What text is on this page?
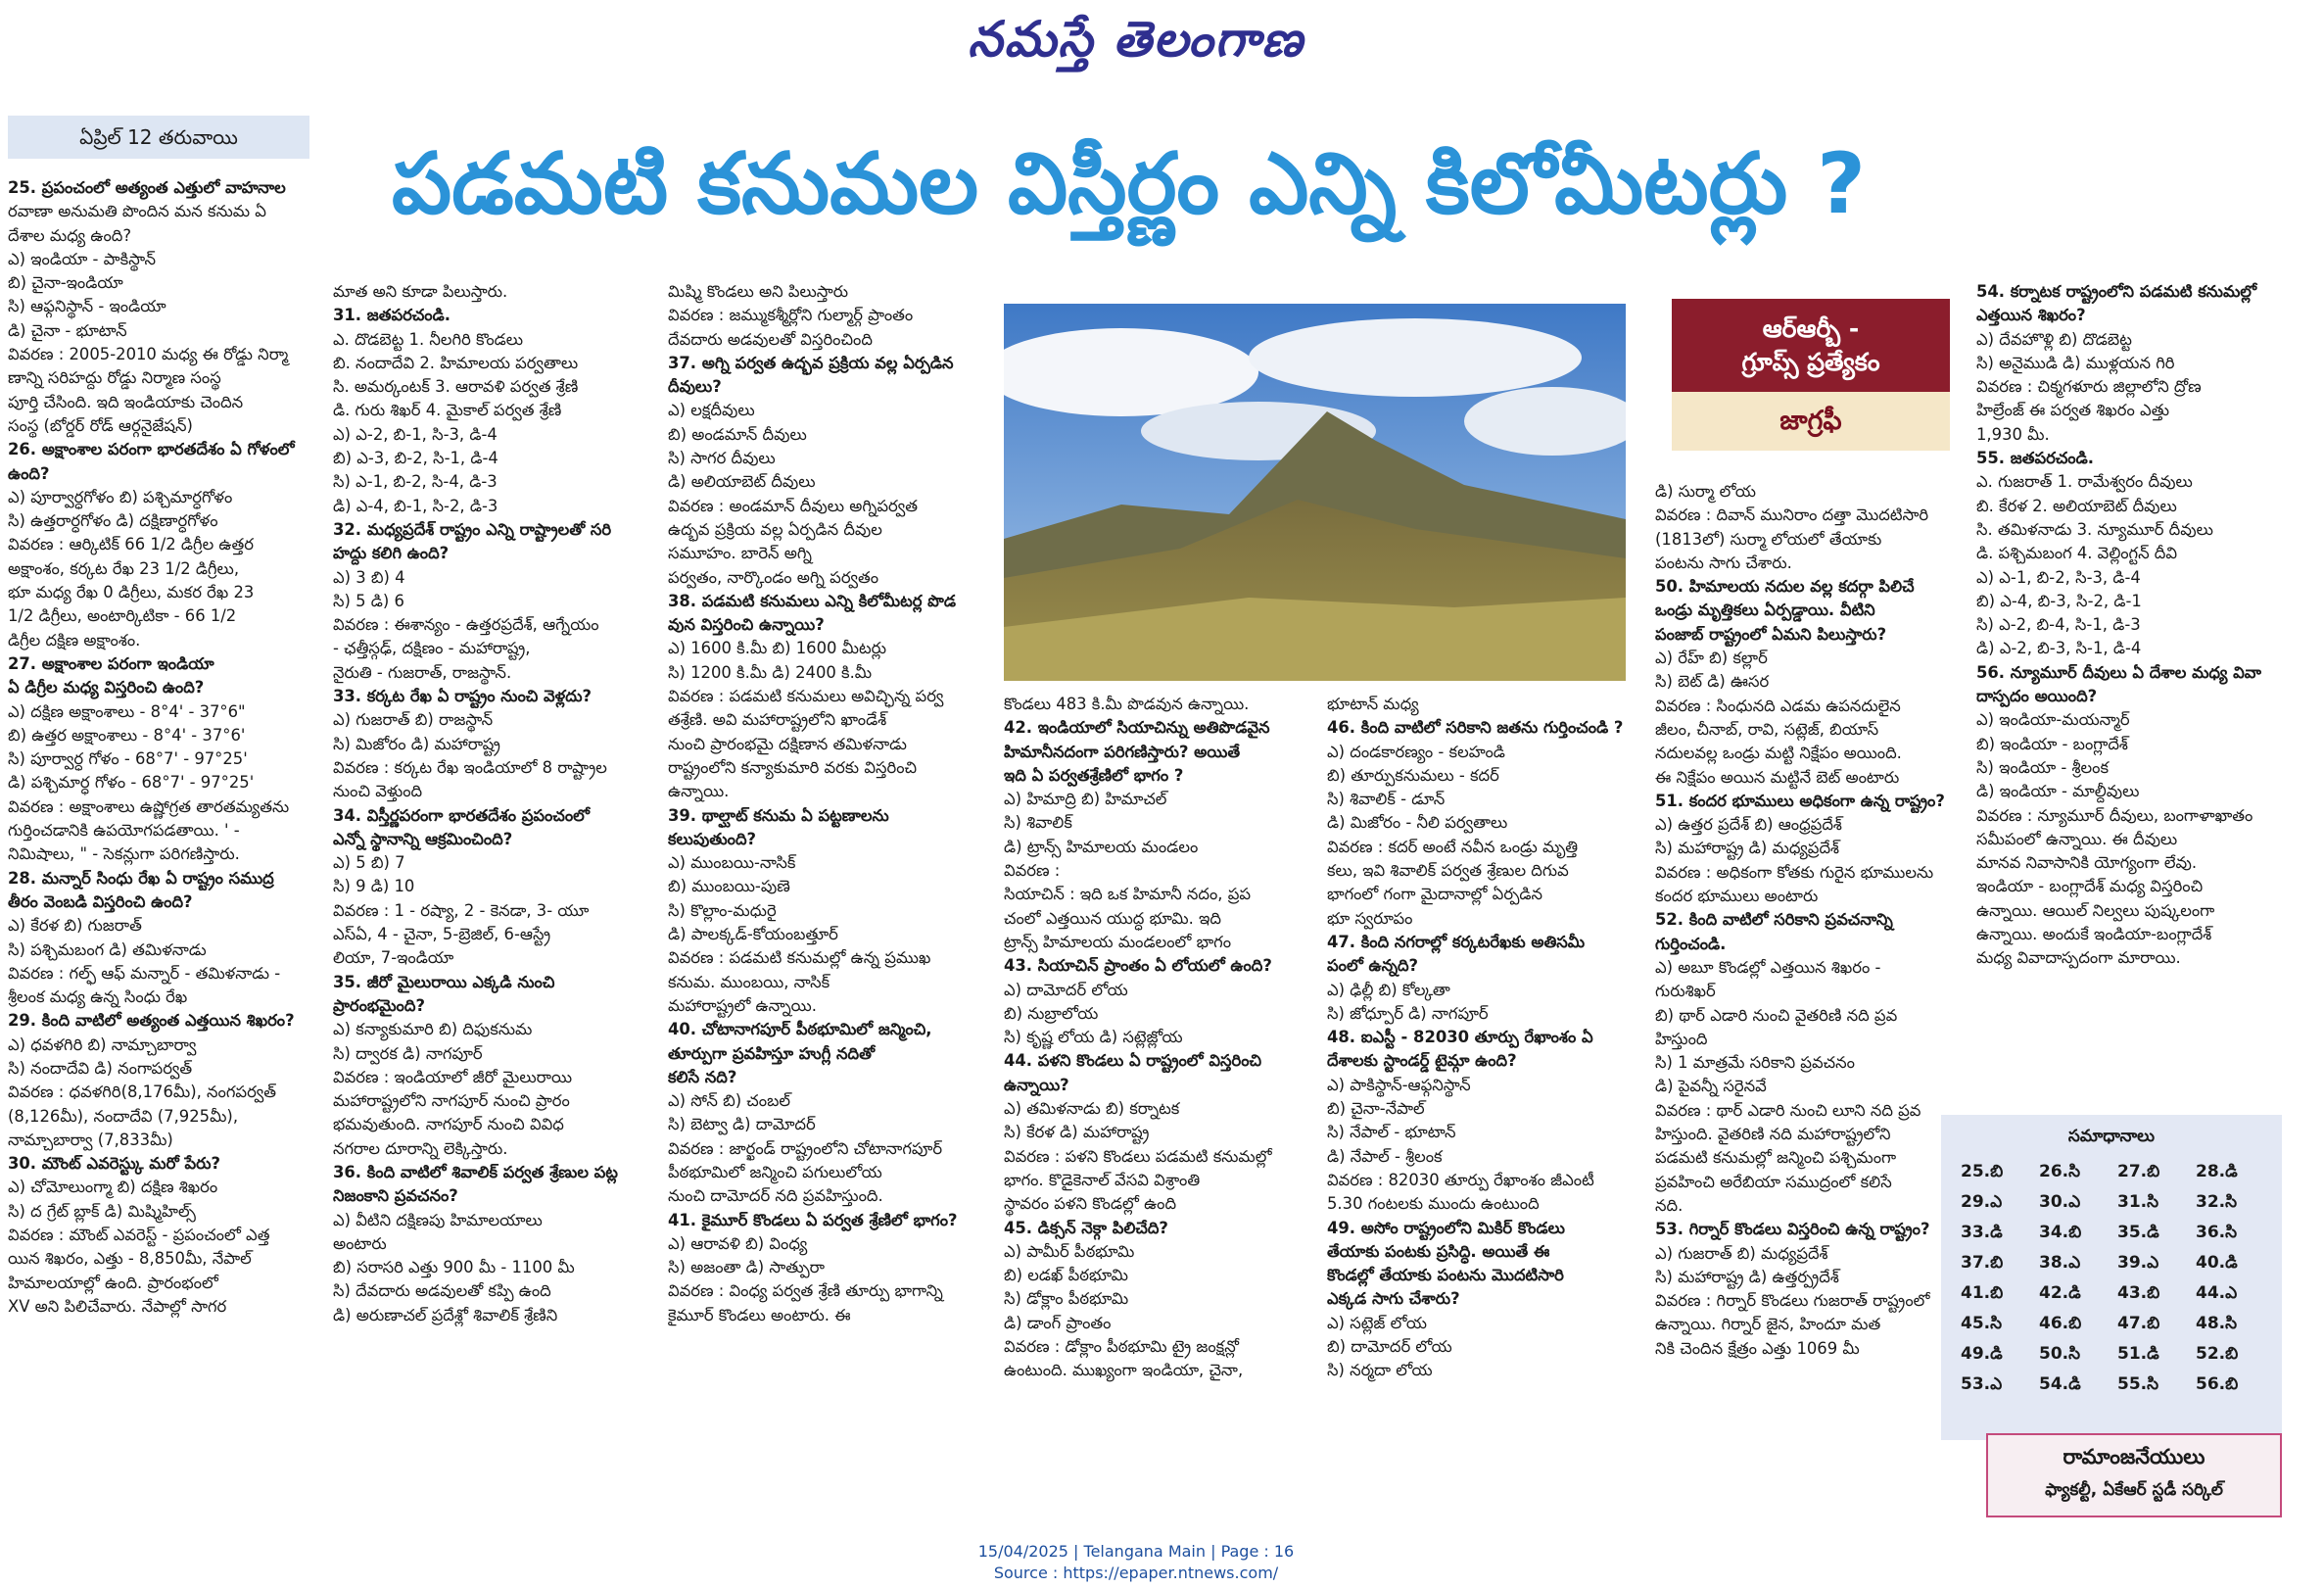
నమస్తే తెలంగాణ
ఏప్రిల్ 12 తరువాయి	పడమటి కనుమల విస్తీర్ణం ఎన్ని కిలోమీటర్లు ?

25. ప్రపంచంలో అత్యంత ఎత్తులో వాహనాల

రవాణా అనుమతి పొందిన మన కనుమ ఏ

దేశాల మధ్య ఉంది?

ఎ) ఇండియా - పాకిస్థాన్

బి) చైనా-ఇండియా

సి) ఆఫ్గనిస్థాన్ - ఇండియా

డి) చైనా - భూటాన్

వివరణ : 2005-2010 మధ్య ఈ రోడ్డు నిర్మా

ణాన్ని సరిహద్దు రోడ్డు నిర్మాణ సంస్థ

పూర్తి చేసింది. ఇది ఇండియాకు చెందిన

సంస్థ (బోర్డర్ రోడ్ ఆర్గనైజేషన్)

26. అక్షాంశాల పరంగా భారతదేశం ఏ గోళంలో

ఉంది?

ఎ) పూర్వార్ధగోళం బి) పశ్చిమార్ధగోళం

సి) ఉత్తరార్ధగోళం డి) దక్షిణార్ధగోళం

వివరణ : ఆర్కిటిక్ 66 1/2 డిగ్రీల ఉత్తర

అక్షాంశం, కర్కట రేఖ 23 1/2 డిగ్రీలు,

భూ మధ్య రేఖ 0 డిగ్రీలు, మకర రేఖ 23

1/2 డిగ్రీలు, అంటార్కిటికా - 66 1/2

డిగ్రీల దక్షిణ అక్షాంశం.

27. అక్షాంశాల పరంగా ఇండియా

ఏ డిగ్రీల మధ్య విస్తరించి ఉంది?

ఎ) దక్షిణ అక్షాంశాలు - 8°4' - 37°6"

బి) ఉత్తర అక్షాంశాలు - 8°4' - 37°6'

సి) పూర్వార్ధ గోళం - 68°7' - 97°25'

డి) పశ్చిమార్ధ గోళం - 68°7' - 97°25'

వివరణ : అక్షాంశాలు ఉష్ణోగ్రత తారతమ్యతను

గుర్తించడానికి ఉపయోగపడతాయి. ' -

నిమిషాలు, " - సెకన్లుగా పరిగణిస్తారు.

28. మన్నార్ సింధు రేఖ ఏ రాష్ట్రం సముద్ర

తీరం వెంబడి విస్తరించి ఉంది?

ఎ) కేరళ బి) గుజరాత్

సి) పశ్చిమబంగ డి) తమిళనాడు

వివరణ : గల్ఫ్ ఆఫ్ మన్నార్ - తమిళనాడు -

శ్రీలంక మధ్య ఉన్న సింధు రేఖ

29. కింది వాటిలో అత్యంత ఎత్తయిన శిఖరం?

ఎ) ధవళగిరి బి) నామ్చాబార్వా

సి) నందాదేవి డి) నంగాపర్వత్

వివరణ : ధవళగిరి(8,176మీ), నంగపర్వత్

(8,126మీ), నందాదేవి (7,925మీ),

నామ్చాబార్వా (7,833మీ)

30. మౌంట్ ఎవరెస్ట్కు మరో పేరు?

ఎ) చోమోలుంగ్మా బి) దక్షిణ శిఖరం

సి) ద గ్రేట్ బ్లాక్ డి) మిష్మిహిల్స్

వివరణ : మౌంట్ ఎవరెస్ట్ - ప్రపంచంలో ఎత్త

యిన శిఖరం, ఎత్తు - 8,850మీ, నేపాల్

హిమాలయాల్లో ఉంది. ప్రారంభంలో

XV అని పిలిచేవారు. నేపాల్లో సాగర

మాత అని కూడా పిలుస్తారు.

31. జతపరచండి.

ఎ. దొడబెట్ట 1. నీలగిరి కొండలు

బి. నందాదేవి 2. హిమాలయ పర్వతాలు

సి. అమర్కంటక్ 3. ఆరావళి పర్వత శ్రేణి

డి. గురు శిఖర్ 4. మైకాల్ పర్వత శ్రేణి

ఎ) ఎ-2, బి-1, సి-3, డి-4

బి) ఎ-3, బి-2, సి-1, డి-4

సి) ఎ-1, బి-2, సి-4, డి-3

డి) ఎ-4, బి-1, సి-2, డి-3

32. మధ్యప్రదేశ్ రాష్ట్రం ఎన్ని రాష్ట్రాలతో సరి

హద్దు కలిగి ఉంది?

ఎ) 3 బి) 4

సి) 5 డి) 6

వివరణ : ఈశాన్యం - ఉత్తరప్రదేశ్, ఆగ్నేయం

- ఛత్తీస్గఢ్, దక్షిణం - మహారాష్ట్ర,

నైరుతి - గుజరాత్, రాజస్థాన్.

33. కర్కట రేఖ ఏ రాష్ట్రం నుంచి వెళ్లదు?

ఎ) గుజరాత్ బి) రాజస్థాన్

సి) మిజోరం డి) మహారాష్ట్ర

వివరణ : కర్కట రేఖ ఇండియాలో 8 రాష్ట్రాల

నుంచి వెళ్తుంది

34. విస్తీర్ణపరంగా భారతదేశం ప్రపంచంలో

ఎన్నో స్థానాన్ని ఆక్రమించింది?

ఎ) 5 బి) 7

సి) 9 డి) 10

వివరణ : 1 - రష్యా, 2 - కెనడా, 3- యూ

ఎస్ఏ, 4 - చైనా, 5-బ్రెజిల్, 6-ఆస్ట్రే

లియా, 7-ఇండియా

35. జీరో మైలురాయి ఎక్కడి నుంచి

ప్రారంభమైంది?

ఎ) కన్యాకుమారి బి) దిఫుకనుమ

సి) ద్వారక డి) నాగపూర్

వివరణ : ఇండియాలో జీరో మైలురాయి

మహారాష్ట్రలోని నాగపూర్ నుంచి ప్రారం

భమవుతుంది. నాగపూర్ నుంచి వివిధ

నగరాల దూరాన్ని లెక్కిస్తారు.

36. కింది వాటిలో శివాలిక్ పర్వత శ్రేణుల పట్ల

నిజంకాని ప్రవచనం?

ఎ) వీటిని దక్షిణపు హిమాలయాలు

అంటారు

బి) సరాసరి ఎత్తు 900 మీ - 1100 మీ

సి) దేవదారు అడవులతో కప్పి ఉంది

డి) అరుణాచల్ ప్రదేశ్లో శివాలిక్ శ్రేణిని

మిష్మి కొండలు అని పిలుస్తారు

వివరణ : జమ్ముకశ్మీర్లోని గుల్మార్గ్ ప్రాంతం

దేవదారు అడవులతో విస్తరించింది

37. అగ్ని పర్వత ఉద్భవ ప్రక్రియ వల్ల ఏర్పడిన

దీవులు?

ఎ) లక్షదీవులు

బి) అండమాన్ దీవులు

సి) సాగర దీవులు

డి) అలియాబెట్ దీవులు

వివరణ : అండమాన్ దీవులు అగ్నిపర్వత

ఉద్భవ ప్రక్రియ వల్ల ఏర్పడిన దీవుల

సమూహం. బారెన్ అగ్ని

పర్వతం, నార్కొండం అగ్ని పర్వతం

38. పడమటి కనుమలు ఎన్ని కిలోమీటర్ల పొడ

వున విస్తరించి ఉన్నాయి?

ఎ) 1600 కి.మీ బి) 1600 మీటర్లు

సి) 1200 కి.మీ డి) 2400 కి.మీ

వివరణ : పడమటి కనుమలు అవిచ్ఛిన్న పర్వ

తశ్రేణి. అవి మహారాష్ట్రలోని ఖాండేశ్

నుంచి ప్రారంభమై దక్షిణాన తమిళనాడు

రాష్ట్రంలోని కన్యాకుమారి వరకు విస్తరించి

ఉన్నాయి.

39. థాల్ఘాట్ కనుమ ఏ పట్టణాలను

కలుపుతుంది?

ఎ) ముంబయి-నాసిక్

బి) ముంబయి-పుణె

సి) కొల్లాం-మధురై

డి) పాలక్కడ్-కోయంబత్తూర్

వివరణ : పడమటి కనుమల్లో ఉన్న ప్రముఖ

కనుమ. ముంబయి, నాసిక్

మహారాష్ట్రలో ఉన్నాయి.

40. చోటానాగపూర్ పీఠభూమిలో జన్మించి,

తూర్పుగా ప్రవహిస్తూ హుగ్లీ నదితో

కలిసే నది?

ఎ) సోన్ బి) చంబల్

సి) బెట్వా డి) దామోదర్

వివరణ : జార్ఖండ్ రాష్ట్రంలోని చోటానాగపూర్

పీఠభూమిలో జన్మించి పగులులోయ

నుంచి దామోదర్ నది ప్రవహిస్తుంది.

41. కైమూర్ కొండలు ఏ పర్వత శ్రేణిలో భాగం?

ఎ) ఆరావళి బి) వింధ్య

సి) అజంతా డి) సాత్పురా

వివరణ : వింధ్య పర్వత శ్రేణి తూర్పు భాగాన్ని

కైమూర్ కొండలు అంటారు. ఈ

కొండలు 483 కి.మీ పొడవున ఉన్నాయి.

42. ఇండియాలో సియాచిన్ను అతిపొడవైన

హిమానీనదంగా పరిగణిస్తారు? అయితే

ఇది ఏ పర్వతశ్రేణిలో భాగం ?

ఎ) హిమాద్రి బి) హిమాచల్

సి) శివాలిక్

డి) ట్రాన్స్ హిమాలయ మండలం

వివరణ :

సియాచిన్ : ఇది ఒక హిమానీ నదం, ప్రప

చంలో ఎత్తయిన యుద్ధ భూమి. ఇది

ట్రాన్స్ హిమాలయ మండలంలో భాగం

43. సియాచిన్ ప్రాంతం ఏ లోయలో ఉంది?

ఎ) దామోదర్ లోయ

బి) నుబ్రాలోయ

సి) కృష్ణ లోయ డి) సట్లెజ్లోయ

44. పళని కొండలు ఏ రాష్ట్రంలో విస్తరించి

ఉన్నాయి?

ఎ) తమిళనాడు బి) కర్నాటక

సి) కేరళ డి) మహారాష్ట్ర

వివరణ : పళని కొండలు పడమటి కనుమల్లో

భాగం. కొడైకెనాల్ వేసవి విశ్రాంతి

స్థావరం పళని కొండల్లో ఉంది

45. డిక్సన్ నెక్గా పిలిచేది?

ఎ) పామీర్ పీఠభూమి

బి) లడఖ్ పీఠభూమి

సి) డోక్లాం పీఠభూమి

డి) డాంగ్ ప్రాంతం

వివరణ : డోక్లాం పీఠభూమి ట్రై జంక్షన్లో

ఉంటుంది. ముఖ్యంగా ఇండియా, చైనా,

భూటాన్ మధ్య

46. కింది వాటిలో సరికాని జతను గుర్తించండి ?

ఎ) దండకారణ్యం - కలహండి

బి) తూర్పుకనుమలు - కదర్

సి) శివాలిక్ - డూన్

డి) మిజోరం - నీలి పర్వతాలు

వివరణ : కదర్ అంటే నవీన ఒండ్రు మృత్తి

కలు, ఇవి శివాలిక్ పర్వత శ్రేణుల దిగువ

భాగంలో గంగా మైదానాల్లో ఏర్పడిన

భూ స్వరూపం

47. కింది నగరాల్లో కర్కటరేఖకు అతిసమీ

పంలో ఉన్నది?

ఎ) ఢిల్లీ బి) కోల్కతా

సి) జోధ్పూర్ డి) నాగపూర్

48. ఐఎస్టీ - 82030 తూర్పు రేఖాంశం ఏ

దేశాలకు స్టాండర్డ్ టైమ్గా ఉంది?

ఎ) పాకిస్థాన్-ఆఫ్గనిస్థాన్

బి) చైనా-నేపాల్

సి) నేపాల్ - భూటాన్

డి) నేపాల్ - శ్రీలంక

వివరణ : 82030 తూర్పు రేఖాంశం జీఎంటీ

5.30 గంటలకు ముందు ఉంటుంది

49. అసోం రాష్ట్రంలోని మికిర్ కొండలు

తేయాకు పంటకు ప్రసిద్ధి. అయితే ఈ

కొండల్లో తేయాకు పంటను మొదటిసారి

ఎక్కడ సాగు చేశారు?

ఎ) సట్లెజ్ లోయ

బి) దామోదర్ లోయ

సి) నర్మదా లోయ

డి) సుర్మా లోయ

వివరణ : దివాన్ మునిరాం దత్తా మొదటిసారి

(1813లో) సుర్మా లోయలో తేయాకు

పంటను సాగు చేశారు.

50. హిమాలయ నదుల వల్ల కదర్గా పిలిచే

ఒండ్రు మృత్తికలు ఏర్పడ్డాయి. వీటిని

పంజాబ్ రాష్ట్రంలో ఏమని పిలుస్తారు?

ఎ) రేహ్ బి) కల్లార్

సి) బెట్ డి) ఊసర

వివరణ : సింధునది ఎడమ ఉపనదులైన

జీలం, చీనాబ్, రావి, సట్లెజ్, బియాస్

నదులవల్ల ఒండ్రు మట్టి నిక్షేపం అయింది.

ఈ నిక్షేపం అయిన మట్టినే బెట్ అంటారు

51. కందర భూములు అధికంగా ఉన్న రాష్ట్రం?

ఎ) ఉత్తర ప్రదేశ్ బి) ఆంధ్రప్రదేశ్

సి) మహారాష్ట్ర డి) మధ్యప్రదేశ్

వివరణ : అధికంగా కోతకు గురైన భూములను

కందర భూములు అంటారు

52. కింది వాటిలో సరికాని ప్రవచనాన్ని

గుర్తించండి.

ఎ) అబూ కొండల్లో ఎత్తయిన శిఖరం -

గురుశిఖర్

బి) థార్ ఎడారి నుంచి వైతరిణి నది ప్రవ

హిస్తుంది

సి) 1 మాత్రమే సరికాని ప్రవచనం

డి) పైవన్నీ సరైనవే

వివరణ : థార్ ఎడారి నుంచి లూని నది ప్రవ

హిస్తుంది. వైతరిణి నది మహారాష్ట్రలోని

పడమటి కనుమల్లో జన్మించి పశ్చిమంగా

ప్రవహించి అరేబియా సముద్రంలో కలిసే

నది.

53. గిర్నార్ కొండలు విస్తరించి ఉన్న రాష్ట్రం?

ఎ) గుజరాత్ బి) మధ్యప్రదేశ్

సి) మహారాష్ట్ర డి) ఉత్తర్ప్రదేశ్

వివరణ : గిర్నార్ కొండలు గుజరాత్ రాష్ట్రంలో

ఉన్నాయి. గిర్నార్ జైన, హిందూ మత

నికి చెందిన క్షేత్రం ఎత్తు 1069 మీ

54. కర్నాటక రాష్ట్రంలోని పడమటి కనుమల్లో

ఎత్తయిన శిఖరం?

ఎ) దేవహొళ్లి బి) దొడబెట్ట

సి) అనైముడి డి) ముళ్లయన గిరి

వివరణ : చిక్మగళూరు జిల్లాలోని ద్రోణ

హిల్రేంజ్ ఈ పర్వత శిఖరం ఎత్తు

1,930 మీ.

55. జతపరచండి.

ఎ. గుజరాత్ 1. రామేశ్వరం దీవులు

బి. కేరళ 2. అలియాబెట్ దీవులు

సి. తమిళనాడు 3. న్యూమూర్ దీవులు

డి. పశ్చిమబంగ 4. వెల్లింగ్టన్ దీవి

ఎ) ఎ-1, బి-2, సి-3, డి-4

బి) ఎ-4, బి-3, సి-2, డి-1

సి) ఎ-2, బి-4, సి-1, డి-3

డి) ఎ-2, బి-3, సి-1, డి-4

56. న్యూమూర్ దీవులు ఏ దేశాల మధ్య వివా

దాస్పదం అయింది?

ఎ) ఇండియా-మయన్మార్

బి) ఇండియా - బంగ్లాదేశ్

సి) ఇండియా - శ్రీలంక

డి) ఇండియా - మాల్దీవులు

వివరణ : న్యూమూర్ దీవులు, బంగాళాఖాతం

సమీపంలో ఉన్నాయి. ఈ దీవులు

మానవ నివాసానికి యోగ్యంగా లేవు.

ఇండియా - బంగ్లాదేశ్ మధ్య విస్తరించి

ఉన్నాయి. ఆయిల్ నిల్వలు పుష్కలంగా

ఉన్నాయి. అందుకే ఇండియా-బంగ్లాదేశ్

మధ్య వివాదాస్పదంగా మారాయి.

ఆర్ఆర్బీ -
గ్రూప్స్ ప్రత్యేకం
జాగ్రఫీ
సమాధానాలు
25.బి	26.సి	27.బి	28.డి
29.ఎ	30.ఎ	31.సి	32.సి
33.డి	34.బి	35.డి	36.సి
37.బి	38.ఎ	39.ఎ	40.డి
41.బి	42.డి	43.బి	44.ఎ
45.సి	46.బి	47.బి	48.సి
49.డి	50.సి	51.డి	52.బి
53.ఎ	54.డి	55.సి	56.బి
రామాంజనేయులు
ఫ్యాకల్టీ, ఏకేఆర్ స్టడీ సర్కిల్
15/04/2025 | Telangana Main | Page : 16
Source : https://epaper.ntnews.com/
